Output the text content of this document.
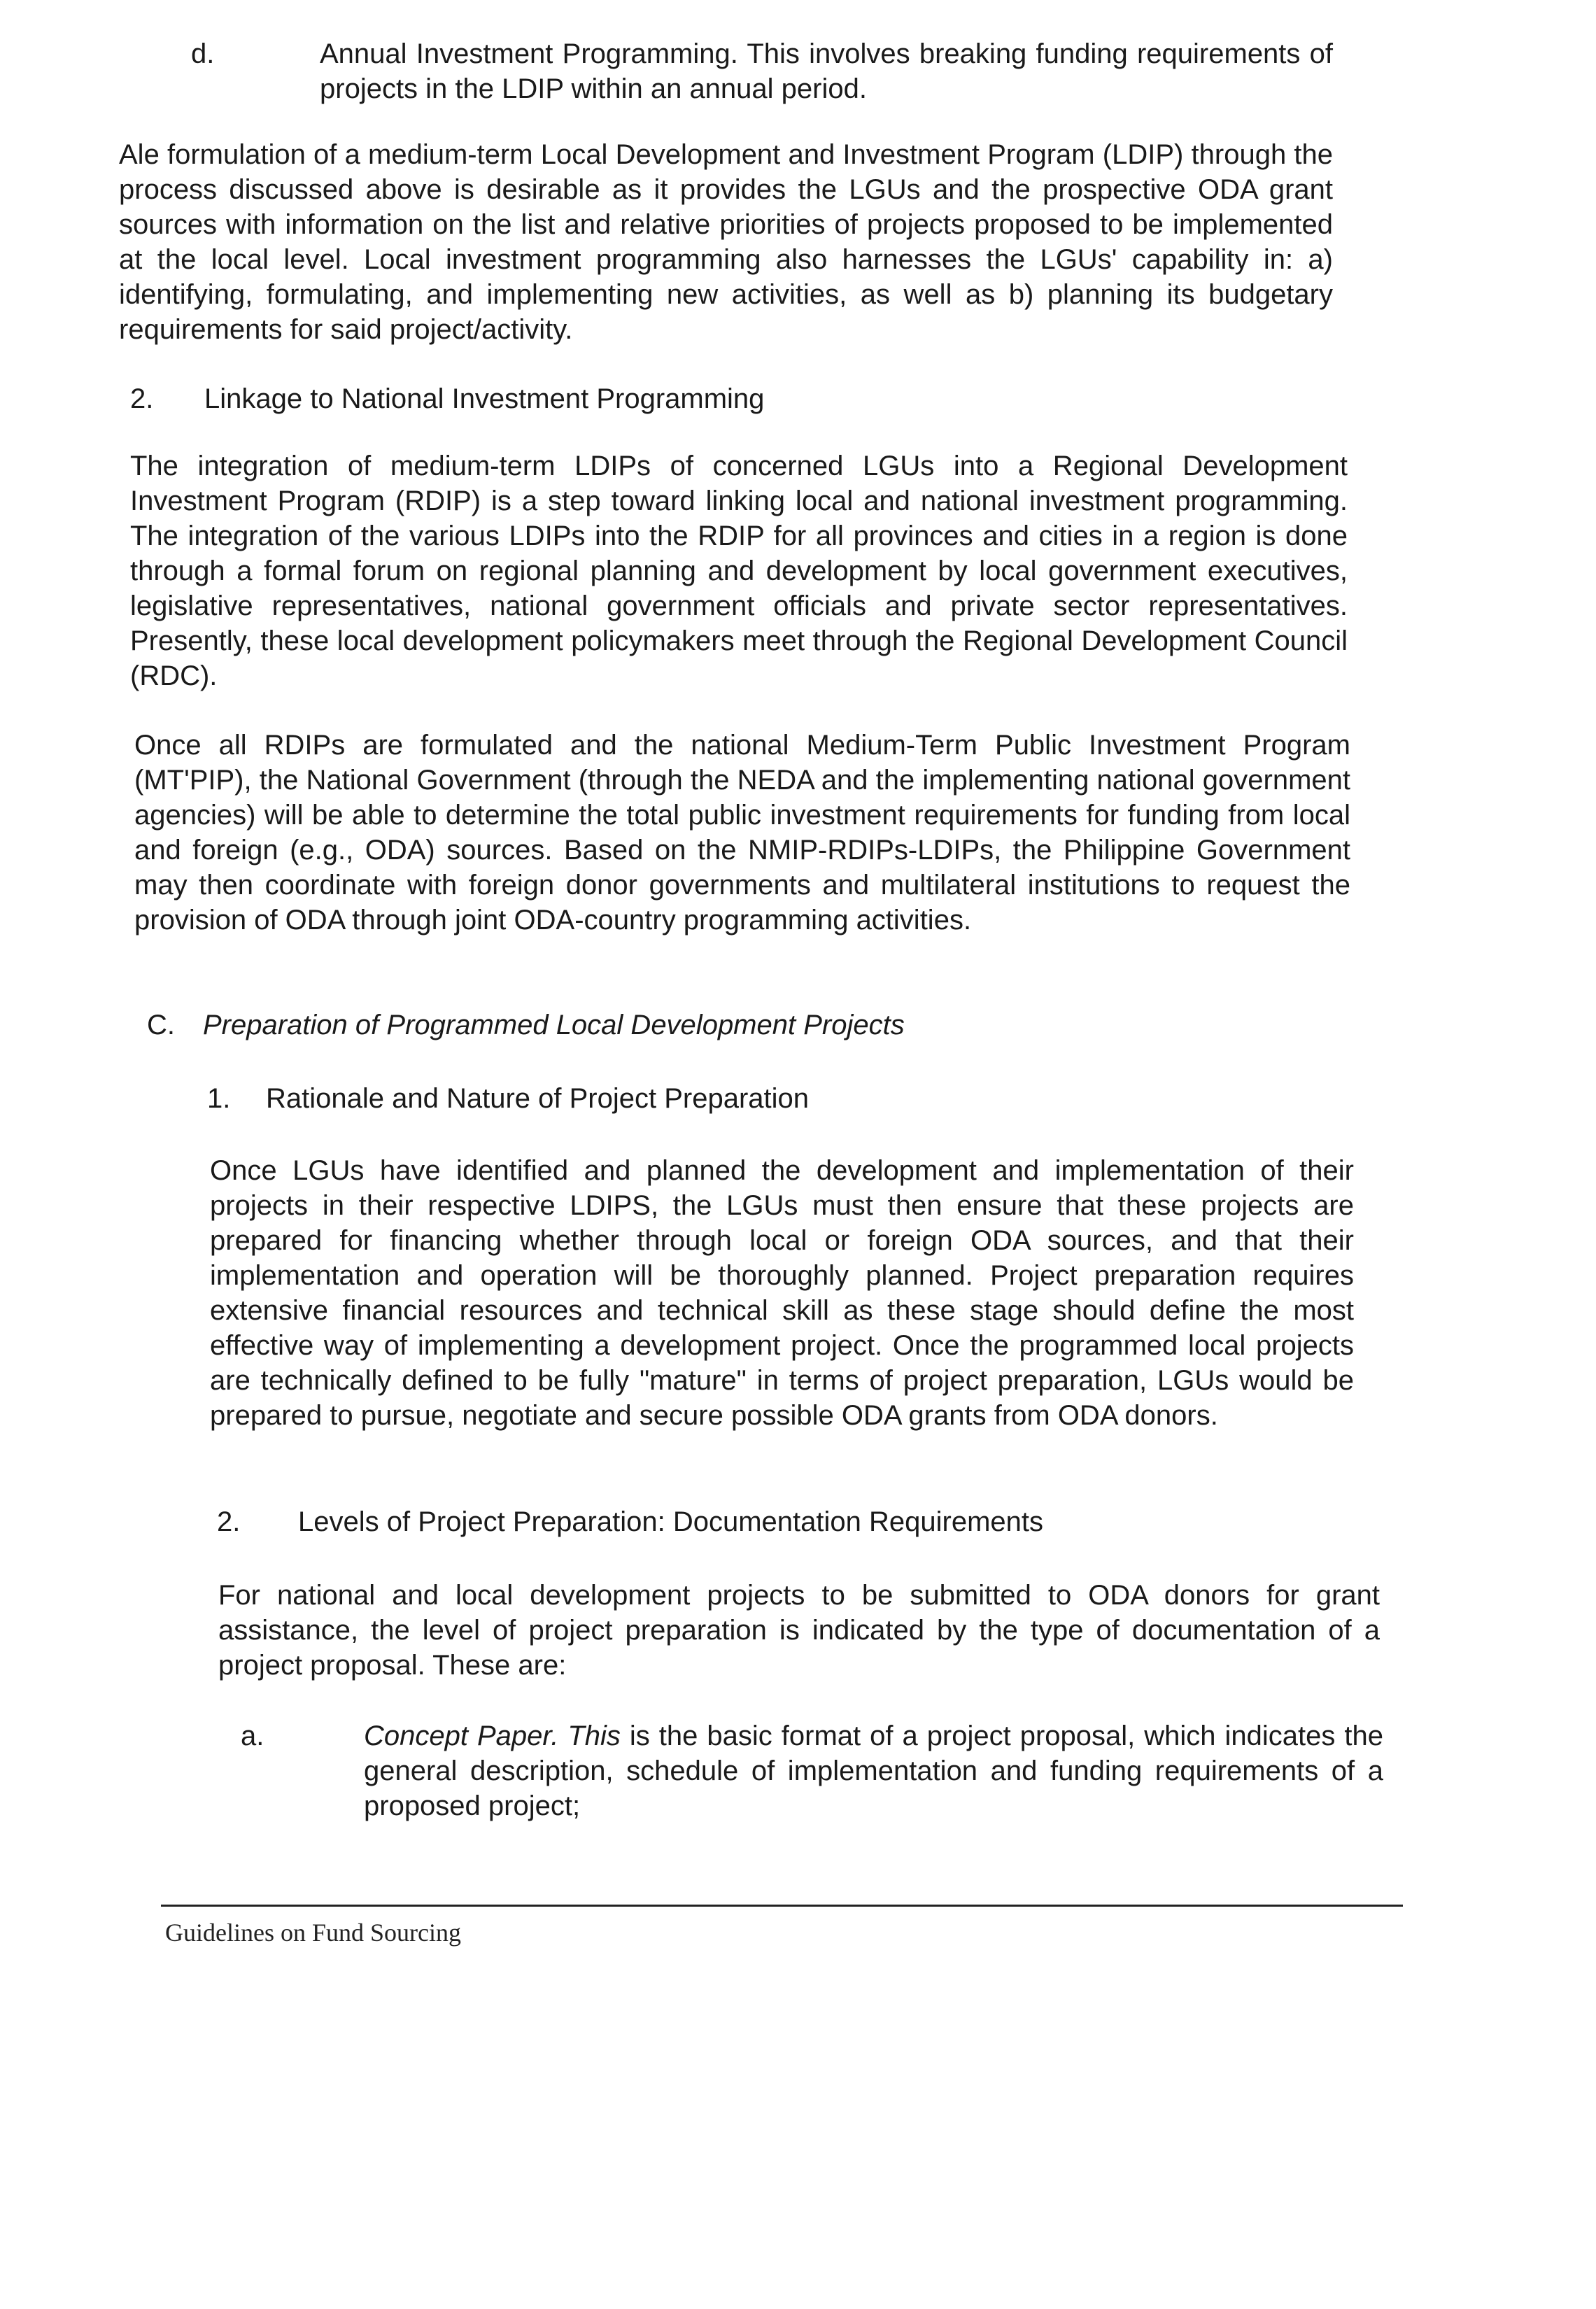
d.	Annual Investment Programming. This involves breaking funding requirements of projects in the LDIP within an annual period.

Ale formulation of a medium-term Local Development and Investment Program (LDIP) through the process discussed above is desirable as it provides the LGUs and the prospective ODA grant sources with information on the list and relative priorities of projects proposed to be implemented at the local level. Local investment programming also harnesses the LGUs' capability in: a) identifying, formulating, and implementing new activities, as well as b) planning its budgetary requirements for said project/activity.

2. Linkage to National Investment Programming

The integration of medium-term LDIPs of concerned LGUs into a Regional Development Investment Program (RDIP) is a step toward linking local and national investment programming. The integration of the various LDIPs into the RDIP for all provinces and cities in a region is done through a formal forum on regional planning and development by local government executives, legislative representatives, national government officials and private sector representatives. Presently, these local development policymakers meet through the Regional Development Council (RDC).

Once all RDIPs are formulated and the national Medium-Term Public Investment Program (MT'PIP), the National Government (through the NEDA and the implementing national government agencies) will be able to determine the total public investment requirements for funding from local and foreign (e.g., ODA) sources. Based on the NMIP-RDIPs-LDIPs, the Philippine Government may then coordinate with foreign donor governments and multilateral institutions to request the provision of ODA through joint ODA-country programming activities.

C. Preparation of Programmed Local Development Projects
1. Rationale and Nature of Project Preparation

Once LGUs have identified and planned the development and implementation of their projects in their respective LDIPS, the LGUs must then ensure that these projects are prepared for financing whether through local or foreign ODA sources, and that their implementation and operation will be thoroughly planned. Project preparation requires extensive financial resources and technical skill as these stage should define the most effective way of implementing a development project. Once the programmed local projects are technically defined to be fully "mature" in terms of project preparation, LGUs would be prepared to pursue, negotiate and secure possible ODA grants from ODA donors.

2. Levels of Project Preparation: Documentation Requirements

For national and local development projects to be submitted to ODA donors for grant assistance, the level of project preparation is indicated by the type of documentation of a project proposal. These are:

a.	Concept Paper. This is the basic format of a project proposal, which indicates the general description, schedule of implementation and funding requirements of a proposed project;
Guidelines on Fund Sourcing
